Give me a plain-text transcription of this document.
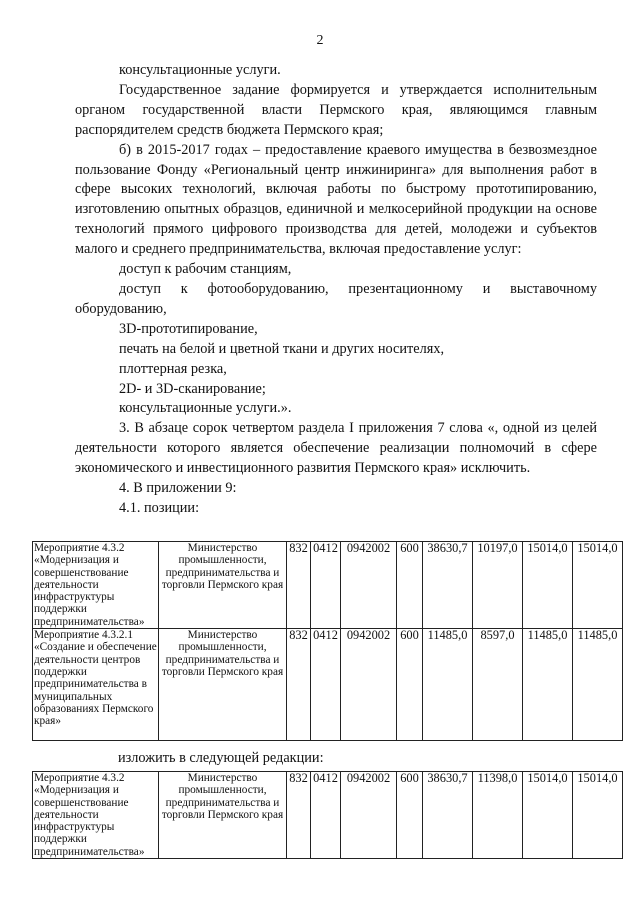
2

консультационные услуги.

Государственное задание формируется и утверждается исполнительным органом государственной власти Пермского края, являющимся главным распорядителем средств бюджета Пермского края;

б) в 2015-2017 годах – предоставление краевого имущества в безвозмездное пользование Фонду «Региональный центр инжиниринга» для выполнения работ в сфере высоких технологий, включая работы по быстрому прототипированию, изготовлению опытных образцов, единичной и мелкосерийной продукции на основе технологий прямого цифрового производства для детей, молодежи и субъектов малого и среднего предпринимательства, включая предоставление услуг:

доступ к рабочим станциям,

доступ к фотооборудованию, презентационному и выставочному оборудованию,

3D-прототипирование,

печать на белой и цветной ткани и других носителях,

плоттерная резка,

2D- и 3D-сканирование;

консультационные услуги.».

3. В абзаце сорок четвертом раздела I приложения 7 слова «, одной из целей деятельности которого является обеспечение реализации полномочий в сфере экономического и инвестиционного развития Пермского края» исключить.

4. В приложении 9:

4.1. позиции:

Мероприятие 4.3.2 «Модернизация и совершенствование деятельности инфраструктуры поддержки предпринимательства»	Министерство промышленности, предпринимательства и торговли Пермского края	832	0412	0942002	600	38630,7	10197,0	15014,0	15014,0
Мероприятие 4.3.2.1 «Создание и обеспечение деятельности центров поддержки предпринимательства в муниципальных образованиях Пермского края»	Министерство промышленности, предпринимательства и торговли Пермского края	832	0412	0942002	600	11485,0	8597,0	11485,0	11485,0
изложить в следующей редакции:
Мероприятие 4.3.2 «Модернизация и совершенствование деятельности инфраструктуры поддержки предпринимательства»	Министерство промышленности, предпринимательства и торговли Пермского края	832	0412	0942002	600	38630,7	11398,0	15014,0	15014,0
